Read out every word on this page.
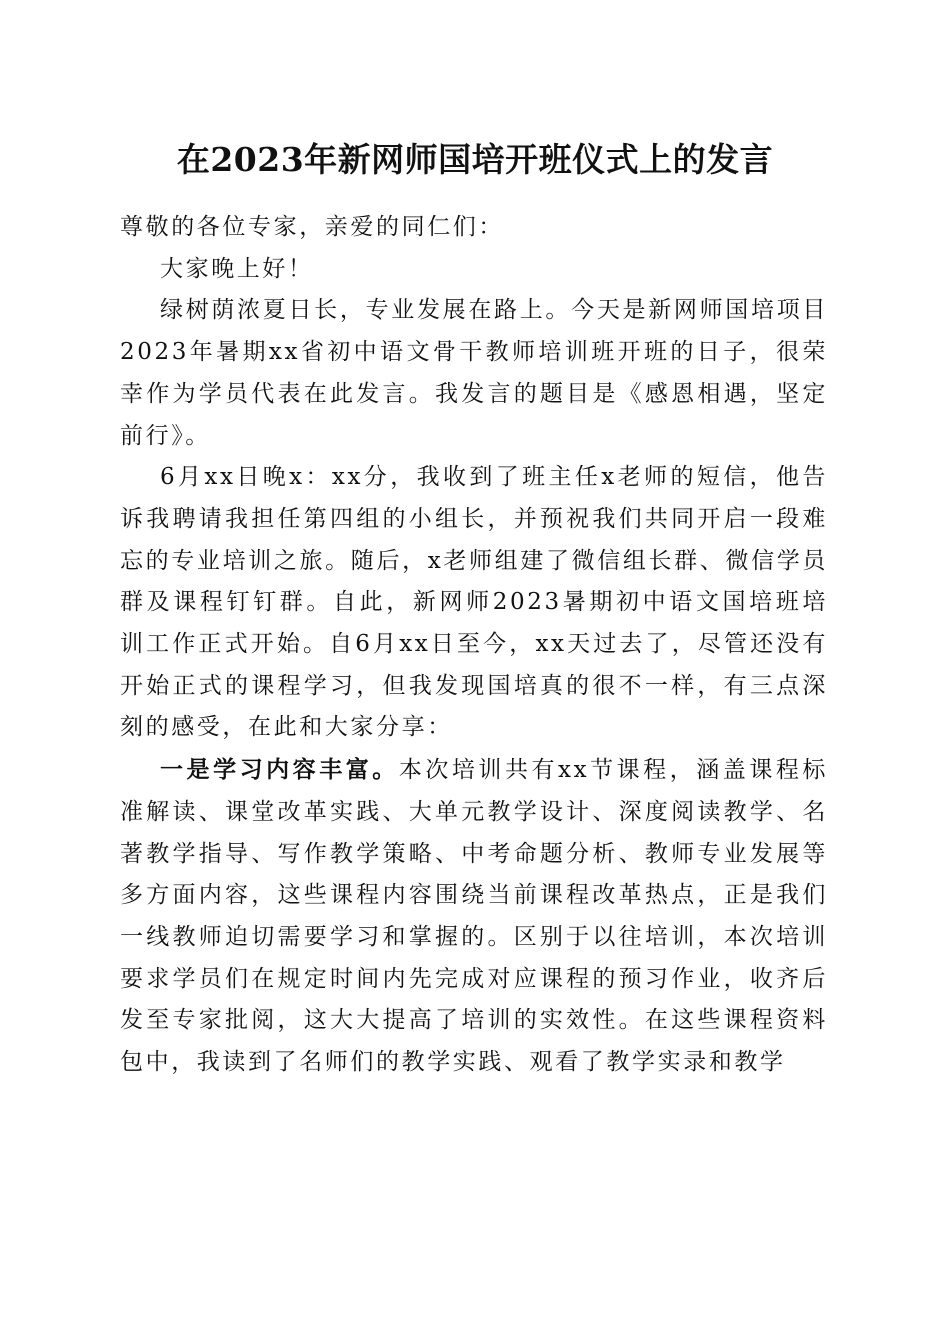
在2023年新网师国培开班仪式上的发言

尊敬的各位专家，亲爱的同仁们：

大家晚上好！

绿树荫浓夏日长，专业发展在路上。今天是新网师国培项目2023年暑期xx省初中语文骨干教师培训班开班的日子，很荣幸作为学员代表在此发言。我发言的题目是《感恩相遇，坚定前行》。

6月xx日晚x：xx分，我收到了班主任x老师的短信，他告诉我聘请我担任第四组的小组长，并预祝我们共同开启一段难忘的专业培训之旅。随后，x老师组建了微信组长群、微信学员群及课程钉钉群。自此，新网师2023暑期初中语文国培班培训工作正式开始。自6月xx日至今，xx天过去了，尽管还没有开始正式的课程学习，但我发现国培真的很不一样，有三点深刻的感受，在此和大家分享：

一是学习内容丰富。本次培训共有xx节课程，涵盖课程标准解读、课堂改革实践、大单元教学设计、深度阅读教学、名著教学指导、写作教学策略、中考命题分析、教师专业发展等多方面内容，这些课程内容围绕当前课程改革热点，正是我们一线教师迫切需要学习和掌握的。区别于以往培训，本次培训要求学员们在规定时间内先完成对应课程的预习作业，收齐后发至专家批阅，这大大提高了培训的实效性。在这些课程资料包中，我读到了名师们的教学实践、观看了教学实录和教学
